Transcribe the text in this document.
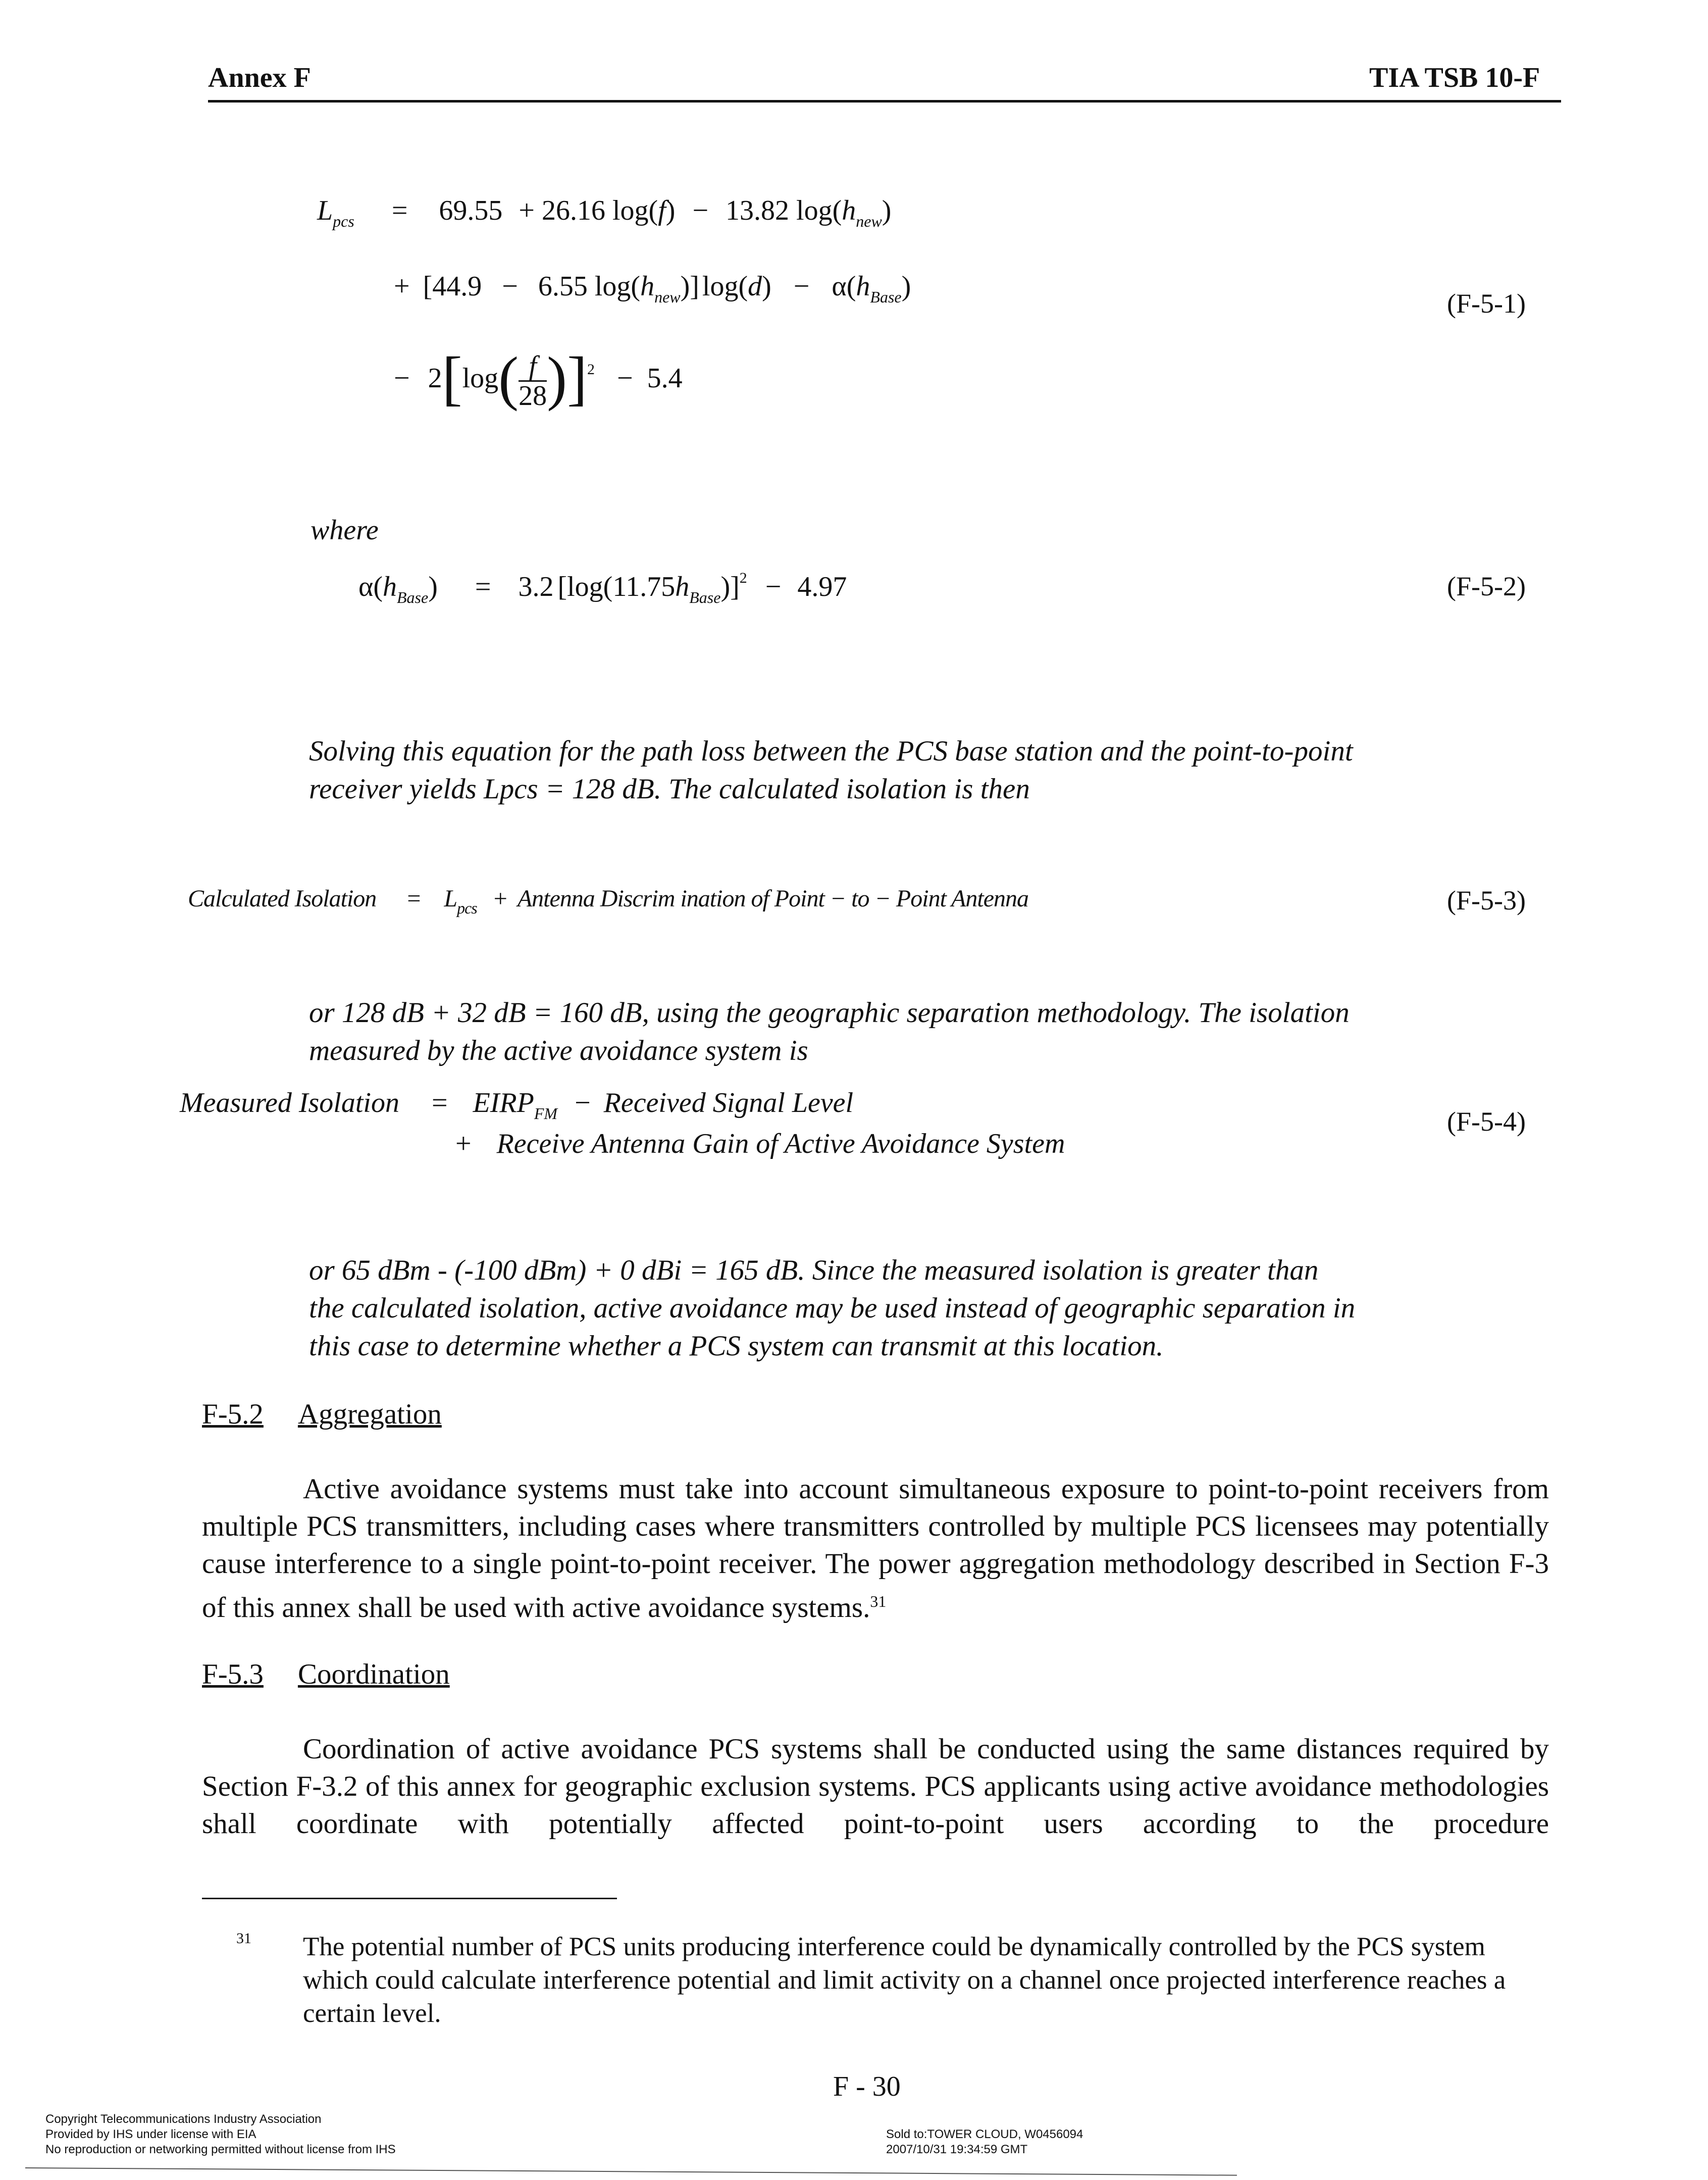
Annex F	TIA TSB 10-F
$L_{pcs} = 69.55 + 26.16$ log(f) − 13.82 $\log(h_{new})$
+ [44.9 − 6.55 $\log(h_{new})$] $\log(d) - \alpha(h_{Base})$
(F-5-1)
− $2[\log( \frac{f}{28} )]^2 - 5.4$
where
$\alpha(h_{Base}) = 3.2$ $[\log(11.75h_{Base})]^2 - 4.97$	(F-5-2)
Solving this equation for the path loss between the PCS base station and the point-to-point
receiver yields Lpcs = 128 dB. The calculated isolation is then
Calculated Isolation = $L_{pcs}$ + Antenna Discrim ination of Point − to − Point Antenna	(F-5-3)
or 128 dB + 32 dB = 160 dB, using the geographic separation methodology. The isolation
measured by the active avoidance system is
Measured Isolation = $EIRP_{FM}$ − Received Signal Level
+ Receive Antenna Gain of Active Avoidance System
(F-5-4)
or 65 dBm - (-100 dBm) + 0 dBi = 165 dB. Since the measured isolation is greater than
the calculated isolation, active avoidance may be used instead of geographic separation in
this case to determine whether a PCS system can transmit at this location.
F-5.2 Aggregation
Active avoidance systems must take into account simultaneous exposure to point-to-point receivers from multiple PCS transmitters, including cases where transmitters controlled by multiple PCS licensees may potentially cause interference to a single point-to-point receiver. The power aggregation methodology described in Section F-3 of this annex shall be used with active avoidance systems.$^{31}$
F-5.3 Coordination
Coordination of active avoidance PCS systems shall be conducted using the same distances required by Section F-3.2 of this annex for geographic exclusion systems. PCS applicants using active avoidance methodologies shall coordinate with potentially affected point-to-point users according to the procedure
31 The potential number of PCS units producing interference could be dynamically controlled by the PCS system which could calculate interference potential and limit activity on a channel once projected interference reaches a certain level.
F - 30
Copyright Telecommunications Industry Association
Provided by IHS under license with EIA
No reproduction or networking permitted without license from IHS
Sold to:TOWER CLOUD, W0456094
2007/10/31 19:34:59 GMT
